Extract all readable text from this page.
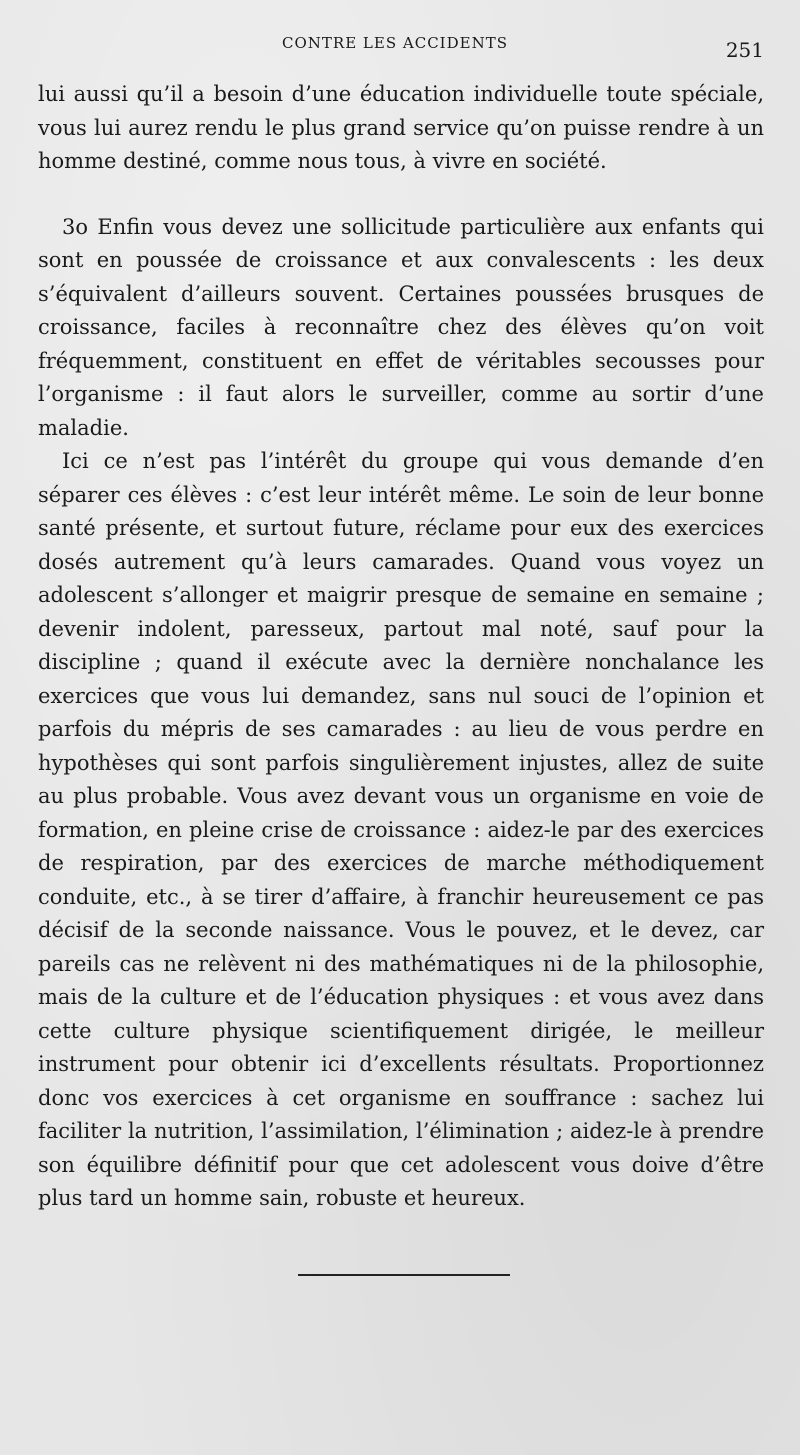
CONTRE LES ACCIDENTS	251

lui aussi qu’il a besoin d’une éducation individuelle toute spéciale, vous lui aurez rendu le plus grand service qu’on puisse rendre à un homme destiné, comme nous tous, à vivre en société.

3o Enfin vous devez une sollicitude particulière aux enfants qui sont en poussée de croissance et aux convalescents : les deux s’équivalent d’ailleurs souvent. Certaines poussées brusques de croissance, faciles à reconnaître chez des élèves qu’on voit fréquemment, constituent en effet de véritables secousses pour l’organisme : il faut alors le surveiller, comme au sortir d’une maladie.

Ici ce n’est pas l’intérêt du groupe qui vous demande d’en séparer ces élèves : c’est leur intérêt même. Le soin de leur bonne santé présente, et surtout future, réclame pour eux des exercices dosés autrement qu’à leurs camarades. Quand vous voyez un adolescent s’allonger et maigrir presque de semaine en semaine ; devenir indolent, paresseux, partout mal noté, sauf pour la discipline ; quand il exécute avec la dernière nonchalance les exercices que vous lui demandez, sans nul souci de l’opinion et parfois du mépris de ses camarades : au lieu de vous perdre en hypothèses qui sont parfois singulièrement injustes, allez de suite au plus probable. Vous avez devant vous un organisme en voie de formation, en pleine crise de croissance : aidez-le par des exercices de respiration, par des exercices de marche méthodiquement conduite, etc., à se tirer d’affaire, à franchir heureusement ce pas décisif de la seconde naissance. Vous le pouvez, et le devez, car pareils cas ne relèvent ni des mathématiques ni de la philosophie, mais de la culture et de l’éducation physiques : et vous avez dans cette culture physique scientifiquement dirigée, le meilleur instrument pour obtenir ici d’excellents résultats. Proportionnez donc vos exercices à cet organisme en souffrance : sachez lui faciliter la nutrition, l’assimilation, l’élimination ; aidez-le à prendre son équilibre définitif pour que cet adolescent vous doive d’être plus tard un homme sain, robuste et heureux.
